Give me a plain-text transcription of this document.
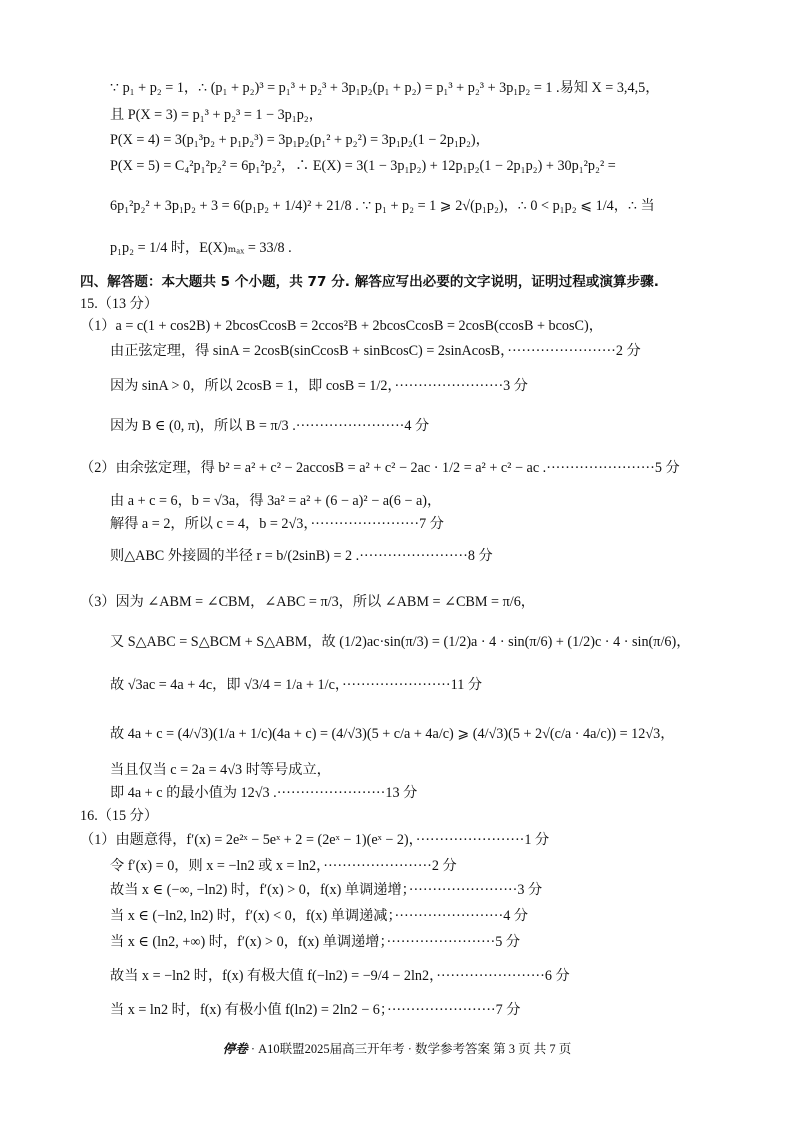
∵ p₁ + p₂ = 1，∴ (p₁ + p₂)³ = p₁³ + p₂³ + 3p₁p₂(p₁ + p₂) = p₁³ + p₂³ + 3p₁p₂ = 1 .易知 X = 3,4,5，
且 P(X = 3) = p₁³ + p₂³ = 1 − 3p₁p₂，
P(X = 4) = 3(p₁³p₂ + p₁p₂³) = 3p₁p₂(p₁² + p₂²) = 3p₁p₂(1 − 2p₁p₂)，
P(X = 5) = C₄²p₁²p₂² = 6p₁²p₂²，∴ E(X) = 3(1 − 3p₁p₂) + 12p₁p₂(1 − 2p₁p₂) + 30p₁²p₂² =
6p₁²p₂² + 3p₁p₂ + 3 = 6(p₁p₂ + 1/4)² + 21/8 . ∵ p₁ + p₂ = 1 ⩾ 2√(p₁p₂)，∴ 0 < p₁p₂ ⩽ 1/4，∴ 当
p₁p₂ = 1/4 时，E(X)ₘₐₓ = 33/8 .
四、解答题：本大题共 5 个小题，共 77 分. 解答应写出必要的文字说明，证明过程或演算步骤.
15.（13 分）
（1）a = c(1 + cos2B) + 2bcosCcosB = 2ccos²B + 2bcosCcosB = 2cosB(ccosB + bcosC)，
由正弦定理，得 sinA = 2cosB(sinCcosB + sinBcosC) = 2sinAcosB，·······················2 分
因为 sinA > 0，所以 2cosB = 1，即 cosB = 1/2，·······················3 分
因为 B ∈ (0, π)，所以 B = π/3 .·······················4 分
（2）由余弦定理，得 b² = a² + c² − 2accosB = a² + c² − 2ac · 1/2 = a² + c² − ac .·······················5 分
由 a + c = 6，b = √3a，得 3a² = a² + (6 − a)² − a(6 − a)，
解得 a = 2，所以 c = 4，b = 2√3，·······················7 分
则△ABC 外接圆的半径 r = b/(2sinB) = 2 .·······················8 分
（3）因为 ∠ABM = ∠CBM，∠ABC = π/3，所以 ∠ABM = ∠CBM = π/6，
又 S△ABC = S△BCM + S△ABM，故 (1/2)ac·sin(π/3) = (1/2)a · 4 · sin(π/6) + (1/2)c · 4 · sin(π/6)，
故 √3ac = 4a + 4c，即 √3/4 = 1/a + 1/c，·······················11 分
故 4a + c = (4/√3)(1/a + 1/c)(4a + c) = (4/√3)(5 + c/a + 4a/c) ⩾ (4/√3)(5 + 2√(c/a · 4a/c)) = 12√3，
当且仅当 c = 2a = 4√3 时等号成立，
即 4a + c 的最小值为 12√3 .·······················13 分
16.（15 分）
（1）由题意得，f′(x) = 2e²ˣ − 5eˣ + 2 = (2eˣ − 1)(eˣ − 2)，·······················1 分
令 f′(x) = 0，则 x = −ln2 或 x = ln2，·······················2 分
故当 x ∈ (−∞, −ln2) 时，f′(x) > 0，f(x) 单调递增；·······················3 分
当 x ∈ (−ln2, ln2) 时，f′(x) < 0，f(x) 单调递减；·······················4 分
当 x ∈ (ln2, +∞) 时，f′(x) > 0，f(x) 单调递增；·······················5 分
故当 x = −ln2 时，f(x) 有极大值 f(−ln2) = −9/4 − 2ln2，·······················6 分
当 x = ln2 时，f(x) 有极小值 f(ln2) = 2ln2 − 6；·······················7 分
停卷 · A10联盟2025届高三开年考 · 数学参考答案 第 3 页 共 7 页
